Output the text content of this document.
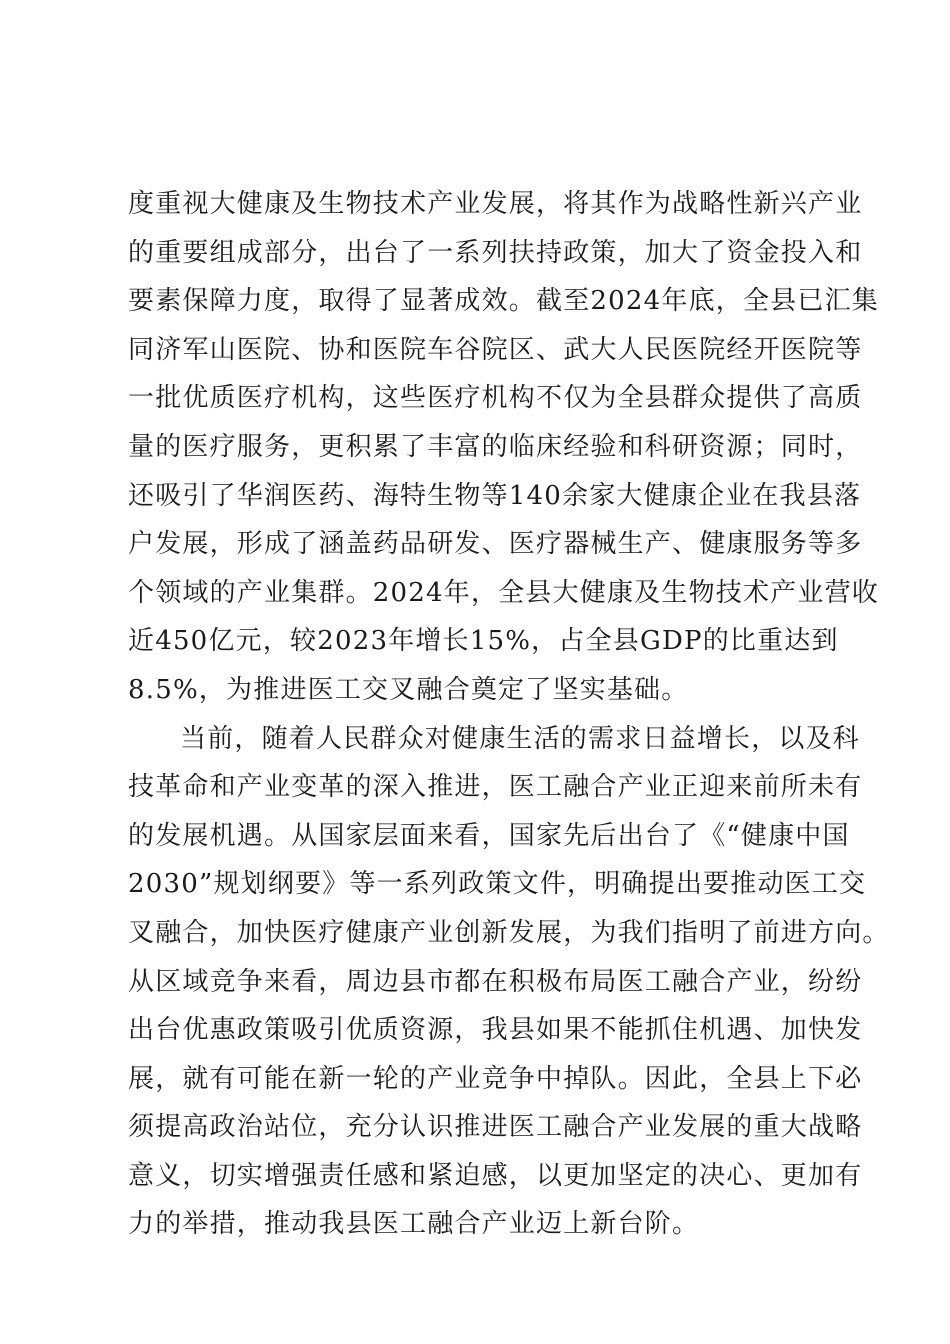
度重视大健康及生物技术产业发展，将其作为战略性新兴产业
的重要组成部分，出台了一系列扶持政策，加大了资金投入和
要素保障力度，取得了显著成效。截至2024年底，全县已汇集
同济军山医院、协和医院车谷院区、武大人民医院经开医院等
一批优质医疗机构，这些医疗机构不仅为全县群众提供了高质
量的医疗服务，更积累了丰富的临床经验和科研资源；同时，
还吸引了华润医药、海特生物等140余家大健康企业在我县落
户发展，形成了涵盖药品研发、医疗器械生产、健康服务等多
个领域的产业集群。2024年，全县大健康及生物技术产业营收
近450亿元，较2023年增长15%，占全县GDP的比重达到
8.5%，为推进医工交叉融合奠定了坚实基础。
当前，随着人民群众对健康生活的需求日益增长，以及科
技革命和产业变革的深入推进，医工融合产业正迎来前所未有
的发展机遇。从国家层面来看，国家先后出台了《“健康中国
2030”规划纲要》等一系列政策文件，明确提出要推动医工交
叉融合，加快医疗健康产业创新发展，为我们指明了前进方向。
从区域竞争来看，周边县市都在积极布局医工融合产业，纷纷
出台优惠政策吸引优质资源，我县如果不能抓住机遇、加快发
展，就有可能在新一轮的产业竞争中掉队。因此，全县上下必
须提高政治站位，充分认识推进医工融合产业发展的重大战略
意义，切实增强责任感和紧迫感，以更加坚定的决心、更加有
力的举措，推动我县医工融合产业迈上新台阶。
